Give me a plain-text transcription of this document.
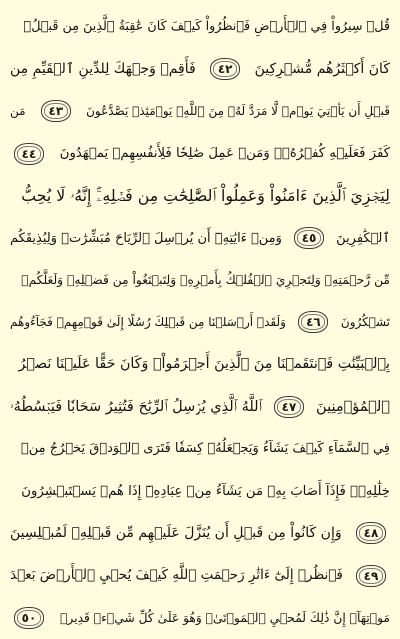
قُلۡ سِيرُواْ فِي ٱلۡأَرۡضِ فَٱنظُرُواْ كَيۡفَ كَانَ عَٰقِبَةُ ٱلَّذِينَ مِن قَبۡلُۚ
كَانَ أَكۡثَرُهُم مُّشۡرِكِينَ
٤٢
فَأَقِمۡ وَجۡهَكَ لِلدِّينِ ٱلۡقَيِّمِ مِن
قَبۡلِ أَن يَأۡتِيَ يَوۡمٞ لَّا مَرَدَّ لَهُۥ مِنَ ٱللَّهِۖ يَوۡمَئِذٖ يَصَّدَّعُونَ
٤٣
مَن
كَفَرَ فَعَلَيۡهِ كُفۡرُهُۥۖ وَمَنۡ عَمِلَ صَٰلِحٗا فَلِأَنفُسِهِمۡ يَمۡهَدُونَ
٤٤
لِيَجۡزِيَ ٱلَّذِينَ ءَامَنُواْ وَعَمِلُواْ ٱلصَّٰلِحَٰتِ مِن فَضۡلِهِۦٓۚ إِنَّهُۥ لَا يُحِبُّ
ٱلۡكَٰفِرِينَ
٤٥
وَمِنۡ ءَايَٰتِهِۦٓ أَن يُرۡسِلَ ٱلرِّيَاحَ مُبَشِّرَٰتٖ وَلِيُذِيقَكُم
مِّن رَّحۡمَتِهِۦ وَلِتَجۡرِيَ ٱلۡفُلۡكُ بِأَمۡرِهِۦ وَلِتَبۡتَغُواْ مِن فَضۡلِهِۦ وَلَعَلَّكُمۡ
تَشۡكُرُونَ
٤٦
وَلَقَدۡ أَرۡسَلۡنَا مِن قَبۡلِكَ رُسُلًا إِلَىٰ قَوۡمِهِمۡ فَجَآءُوهُم
بِٱلۡبَيِّنَٰتِ فَٱنتَقَمۡنَا مِنَ ٱلَّذِينَ أَجۡرَمُواْۖ وَكَانَ حَقًّا عَلَيۡنَا نَصۡرُ
ٱلۡمُؤۡمِنِينَ
٤٧
ٱللَّهُ ٱلَّذِي يُرۡسِلُ ٱلرِّيَٰحَ فَتُثِيرُ سَحَابٗا فَيَبۡسُطُهُۥ
فِي ٱلسَّمَآءِ كَيۡفَ يَشَآءُ وَيَجۡعَلُهُۥ كِسَفٗا فَتَرَى ٱلۡوَدۡقَ يَخۡرُجُ مِنۡ
خِلَٰلِهِۦۖ فَإِذَآ أَصَابَ بِهِۦ مَن يَشَآءُ مِنۡ عِبَادِهِۦٓ إِذَا هُمۡ يَسۡتَبۡشِرُونَ
٤٨
وَإِن كَانُواْ مِن قَبۡلِ أَن يُنَزَّلَ عَلَيۡهِم مِّن قَبۡلِهِۦ لَمُبۡلِسِينَ
٤٩
فَٱنظُرۡ إِلَىٰٓ ءَاثَٰرِ رَحۡمَتِ ٱللَّهِ كَيۡفَ يُحۡيِ ٱلۡأَرۡضَ بَعۡدَ
مَوۡتِهَآۚ إِنَّ ذَٰلِكَ لَمُحۡيِ ٱلۡمَوۡتَىٰۖ وَهُوَ عَلَىٰ كُلِّ شَيۡءٖ قَدِيرٞ
٥٠
